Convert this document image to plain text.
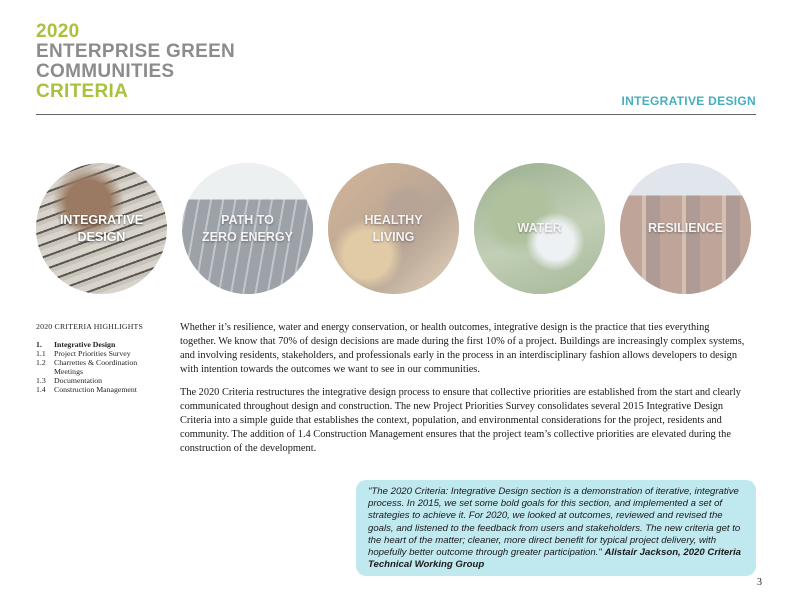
2020
ENTERPRISE GREEN
COMMUNITIES
CRITERIA	INTEGRATIVE DESIGN
INTEGRATIVE
DESIGN
PATH TO
ZERO ENERGY
HEALTHY
LIVING
WATER	RESILIENCE
2020 CRITERIA HIGHLIGHTS
1.	Integrative Design
1.1	Project Priorities Survey
1.2	Charrettes & Coordination Meetings
1.3	Documentation
1.4	Construction Management

Whether it’s resilience, water and energy conservation, or health outcomes, integrative design is the practice that ties everything together. We know that 70% of design decisions are made during the first 10% of a project. Buildings are increasingly complex systems, and involving residents, stakeholders, and professionals early in the process in an interdisciplinary fashion allows developers to design with intention towards the outcomes we want to see in our communities.

The 2020 Criteria restructures the integrative design process to ensure that collective priorities are established from the start and clearly communicated throughout design and construction. The new Project Priorities Survey consolidates several 2015 Integrative Design Criteria into a simple guide that establishes the context, population, and environmental considerations for the project, residents and community. The addition of 1.4 Construction Management ensures that the project team’s collective priorities are elevated during the construction of the development.

"The 2020 Criteria: Integrative Design section is a demonstration of iterative, integrative process. In 2015, we set some bold goals for this section, and implemented a set of strategies to achieve it. For 2020, we looked at outcomes, reviewed and revised the goals, and listened to the feedback from users and stakeholders. The new criteria get to the heart of the matter; cleaner, more direct benefit for typical project delivery, with hopefully better outcome through greater participation." Alistair Jackson, 2020 Criteria Technical Working Group
3
